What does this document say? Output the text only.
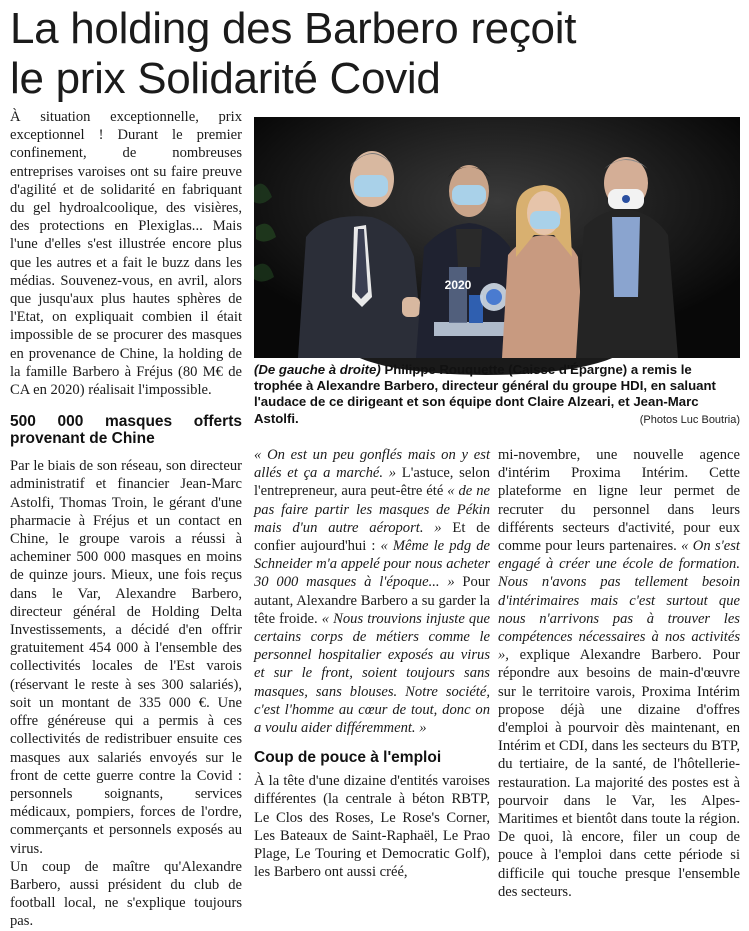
La holding des Barbero reçoit
le prix Solidarité Covid

À situation exceptionnelle, prix exceptionnel ! Durant le premier confinement, de nombreuses entreprises varoises ont su faire preuve d'agilité et de solidarité en fabriquant du gel hydroalcoolique, des visières, des protections en Plexiglas... Mais l'une d'elles s'est illustrée encore plus que les autres et a fait le buzz dans les médias. Souvenez-vous, en avril, alors que jusqu'aux plus hautes sphères de l'Etat, on expliquait combien il était impossible de se procurer des masques en provenance de Chine, la holding de la famille Barbero à Fréjus (80 M€ de CA en 2020) réalisait l'impossible.

500 000 masques offerts provenant de Chine

Par le biais de son réseau, son directeur administratif et financier Jean-Marc Astolfi, Thomas Troin, le gérant d'une pharmacie à Fréjus et un contact en Chine, le groupe varois a réussi à acheminer 500 000 masques en moins de quinze jours. Mieux, une fois reçus dans le Var, Alexandre Barbero, directeur général de Holding Delta Investissements, a décidé d'en offrir gratuitement 454 000 à l'ensemble des collectivités locales de l'Est varois (réservant le reste à ses 300 salariés), soit un montant de 335 000 €. Une offre généreuse qui a permis à ces collectivités de redistribuer ensuite ces masques aux salariés envoyés sur le front de cette guerre contre la Covid : personnels soignants, services médicaux, pompiers, forces de l'ordre, commerçants et personnels exposés au virus.

Un coup de maître qu'Alexandre Barbero, aussi président du club de football local, ne s'explique toujours pas.

2020

(De gauche à droite) Philippe Rouquette (Caisse d'Épargne) a remis le trophée à Alexandre Barbero, directeur général du groupe HDI, en saluant l'audace de ce dirigeant et son équipe dont Claire Alzeari, et Jean-Marc Astolfi.	(Photos Luc Boutria)

« On est un peu gonflés mais on y est allés et ça a marché. » L'astuce, selon l'entrepreneur, aura peut-être été « de ne pas faire partir les masques de Pékin mais d'un autre aéroport. » Et de confier aujourd'hui : « Même le pdg de Schneider m'a appelé pour nous acheter 30 000 masques à l'époque... » Pour autant, Alexandre Barbero a su garder la tête froide. « Nous trouvions injuste que certains corps de métiers comme le personnel hospitalier exposés au virus et sur le front, soient toujours sans masques, sans blouses. Notre société, c'est l'homme au cœur de tout, donc on a voulu aider différemment. »

Coup de pouce à l'emploi

À la tête d'une dizaine d'entités varoises différentes (la centrale à béton RBTP, Le Clos des Roses, Le Rose's Corner, Les Bateaux de Saint-Raphaël, Le Prao Plage, Le Touring et Democratic Golf), les Barbero ont aussi créé,

mi-novembre, une nouvelle agence d'intérim Proxima Intérim. Cette plateforme en ligne leur permet de recruter du personnel dans leurs différents secteurs d'activité, pour eux comme pour leurs partenaires. « On s'est engagé à créer une école de formation. Nous n'avons pas tellement besoin d'intérimaires mais c'est surtout que nous n'arrivons pas à trouver les compétences nécessaires à nos activités », explique Alexandre Barbero. Pour répondre aux besoins de main-d'œuvre sur le territoire varois, Proxima Intérim propose déjà une dizaine d'offres d'emploi à pourvoir dès maintenant, en Intérim et CDI, dans les secteurs du BTP, du tertiaire, de la santé, de l'hôtellerie-restauration. La majorité des postes est à pourvoir dans le Var, les Alpes-Maritimes et bientôt dans toute la région. De quoi, là encore, filer un coup de pouce à l'emploi dans cette période si difficile qui touche presque l'ensemble des secteurs.
